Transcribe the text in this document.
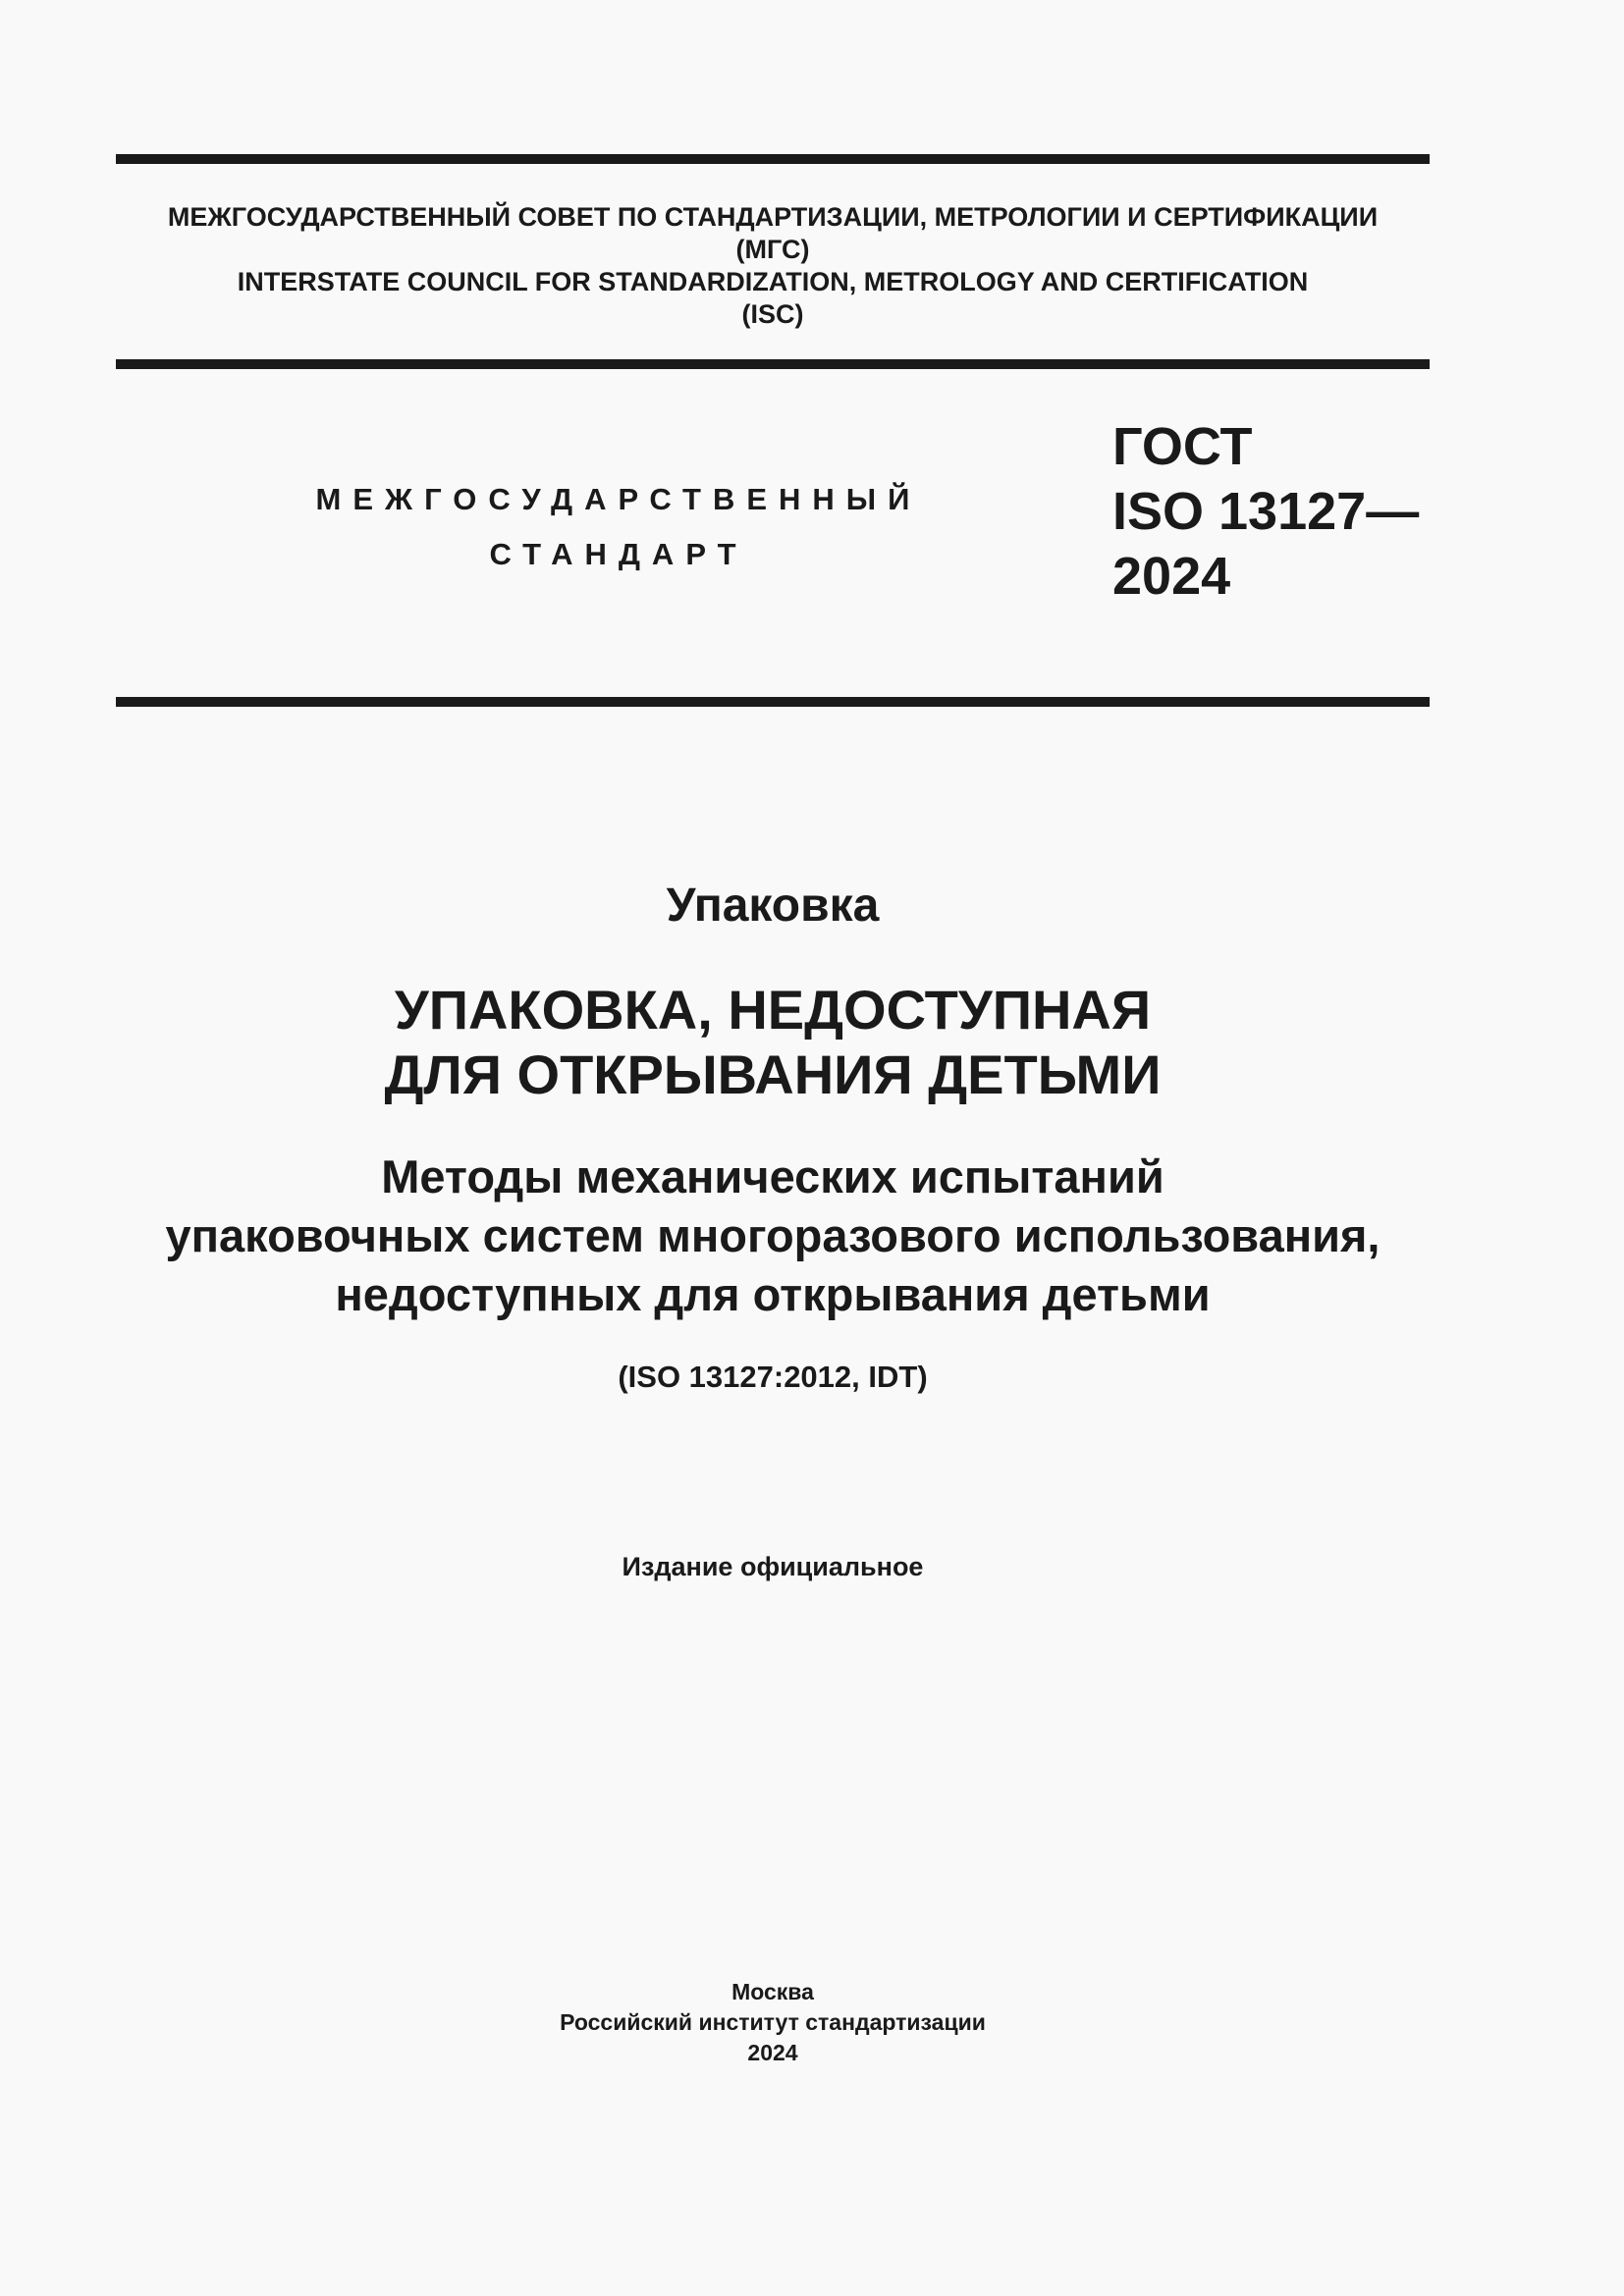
МЕЖГОСУДАРСТВЕННЫЙ СОВЕТ ПО СТАНДАРТИЗАЦИИ, МЕТРОЛОГИИ И СЕРТИФИКАЦИИ
(МГС)
INTERSTATE COUNCIL FOR STANDARDIZATION, METROLOGY AND CERTIFICATION
(ISC)
МЕЖГОСУДАРСТВЕННЫЙ
СТАНДАРТ
ГОСТ
ISO 13127—
2024
Упаковка
УПАКОВКА, НЕДОСТУПНАЯ
ДЛЯ ОТКРЫВАНИЯ ДЕТЬМИ
Методы механических испытаний
упаковочных систем многоразового использования,
недоступных для открывания детьми
(ISO 13127:2012, IDT)
Издание официальное
Москва
Российский институт стандартизации
2024
